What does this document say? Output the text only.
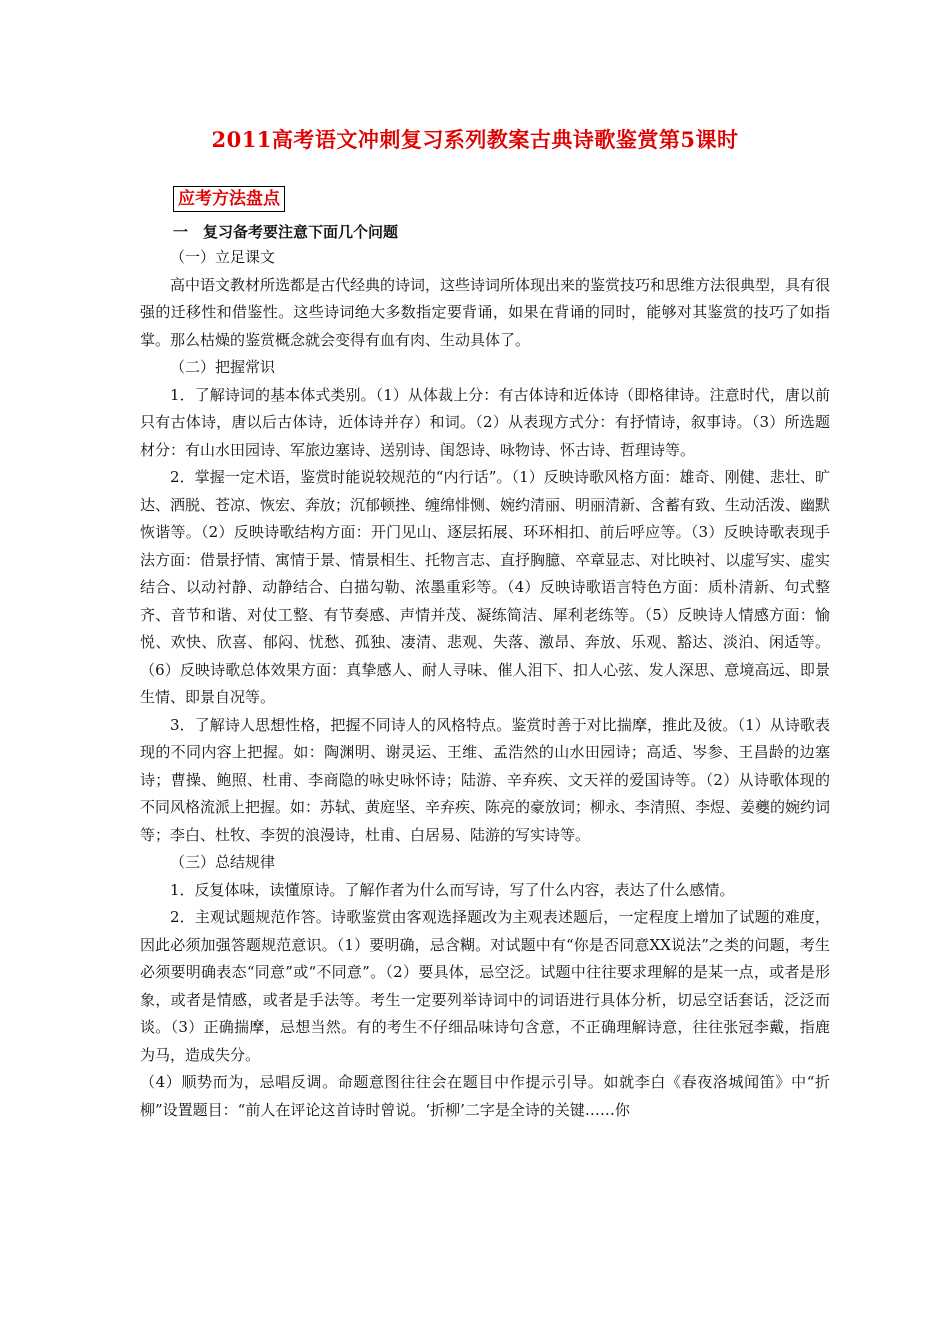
2011高考语文冲刺复习系列教案古典诗歌鉴赏第5课时
应考方法盘点
一　复习备考要注意下面几个问题

（一）立足课文

高中语文教材所选都是古代经典的诗词，这些诗词所体现出来的鉴赏技巧和思维方法很典型，具有很强的迁移性和借鉴性。这些诗词绝大多数指定要背诵，如果在背诵的同时，能够对其鉴赏的技巧了如指掌。那么枯燥的鉴赏概念就会变得有血有肉、生动具体了。

（二）把握常识

1．了解诗词的基本体式类别。（1）从体裁上分：有古体诗和近体诗（即格律诗。注意时代，唐以前只有古体诗，唐以后古体诗，近体诗并存）和词。（2）从表现方式分：有抒情诗，叙事诗。（3）所选题材分：有山水田园诗、军旅边塞诗、送别诗、闺怨诗、咏物诗、怀古诗、哲理诗等。

2．掌握一定术语，鉴赏时能说较规范的“内行话”。（1）反映诗歌风格方面：雄奇、刚健、悲壮、旷达、洒脱、苍凉、恢宏、奔放；沉郁顿挫、缠绵悱恻、婉约清丽、明丽清新、含蓄有致、生动活泼、幽默恢谐等。（2）反映诗歌结构方面：开门见山、逐层拓展、环环相扣、前后呼应等。（3）反映诗歌表现手法方面：借景抒情、寓情于景、情景相生、托物言志、直抒胸臆、卒章显志、对比映衬、以虚写实、虚实结合、以动衬静、动静结合、白描勾勒、浓墨重彩等。（4）反映诗歌语言特色方面：质朴清新、句式整齐、音节和谐、对仗工整、有节奏感、声情并茂、凝练简洁、犀利老练等。（5）反映诗人情感方面：愉悦、欢快、欣喜、郁闷、忧愁、孤独、凄清、悲观、失落、激昂、奔放、乐观、豁达、淡泊、闲适等。（6）反映诗歌总体效果方面：真挚感人、耐人寻味、催人泪下、扣人心弦、发人深思、意境高远、即景生情、即景自况等。

3．了解诗人思想性格，把握不同诗人的风格特点。鉴赏时善于对比揣摩，推此及彼。（1）从诗歌表现的不同内容上把握。如：陶渊明、谢灵运、王维、孟浩然的山水田园诗；高适、岑参、王昌龄的边塞诗；曹操、鲍照、杜甫、李商隐的咏史咏怀诗；陆游、辛弃疾、文天祥的爱国诗等。（2）从诗歌体现的不同风格流派上把握。如：苏轼、黄庭坚、辛弃疾、陈亮的豪放词；柳永、李清照、李煜、姜夔的婉约词等；李白、杜牧、李贺的浪漫诗，杜甫、白居易、陆游的写实诗等。

（三）总结规律

1．反复体味，读懂原诗。了解作者为什么而写诗，写了什么内容，表达了什么感情。

2．主观试题规范作答。诗歌鉴赏由客观选择题改为主观表述题后，一定程度上增加了试题的难度，因此必须加强答题规范意识。（1）要明确，忌含糊。对试题中有“你是否同意XX说法”之类的问题，考生必须要明确表态“同意”或“不同意”。（2）要具体，忌空泛。试题中往往要求理解的是某一点，或者是形象，或者是情感，或者是手法等。考生一定要列举诗词中的词语进行具体分析，切忌空话套话，泛泛而谈。（3）正确揣摩，忌想当然。有的考生不仔细品味诗句含意，不正确理解诗意，往往张冠李戴，指鹿为马，造成失分。

（4）顺势而为，忌唱反调。命题意图往往会在题目中作提示引导。如就李白《春夜洛城闻笛》中“折柳”设置题目：“前人在评论这首诗时曾说。‘折柳’二字是全诗的关键……你
